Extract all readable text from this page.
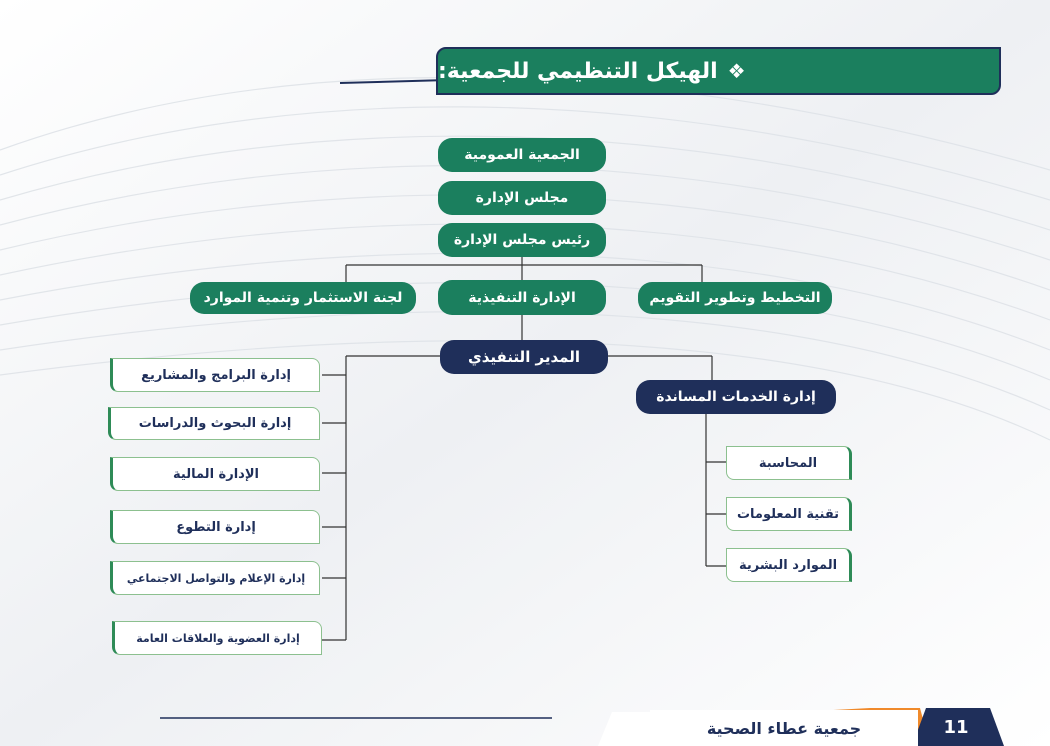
❖
الهيكل التنظيمي للجمعية:
الجمعية العمومية
مجلس الإدارة
رئيس مجلس الإدارة
التخطيط وتطوير التقويم
الإدارة التنفيذية
لجنة الاستثمار وتنمية الموارد
المدير التنفيذي
إدارة الخدمات المساندة
إدارة البرامج والمشاريع
إدارة البحوث والدراسات
الإدارة المالية
إدارة التطوع
إدارة الإعلام والتواصل الاجتماعي
إدارة العضوية والعلاقات العامة
المحاسبة
تقنية المعلومات
الموارد البشرية
جمعية عطاء الصحية	11
